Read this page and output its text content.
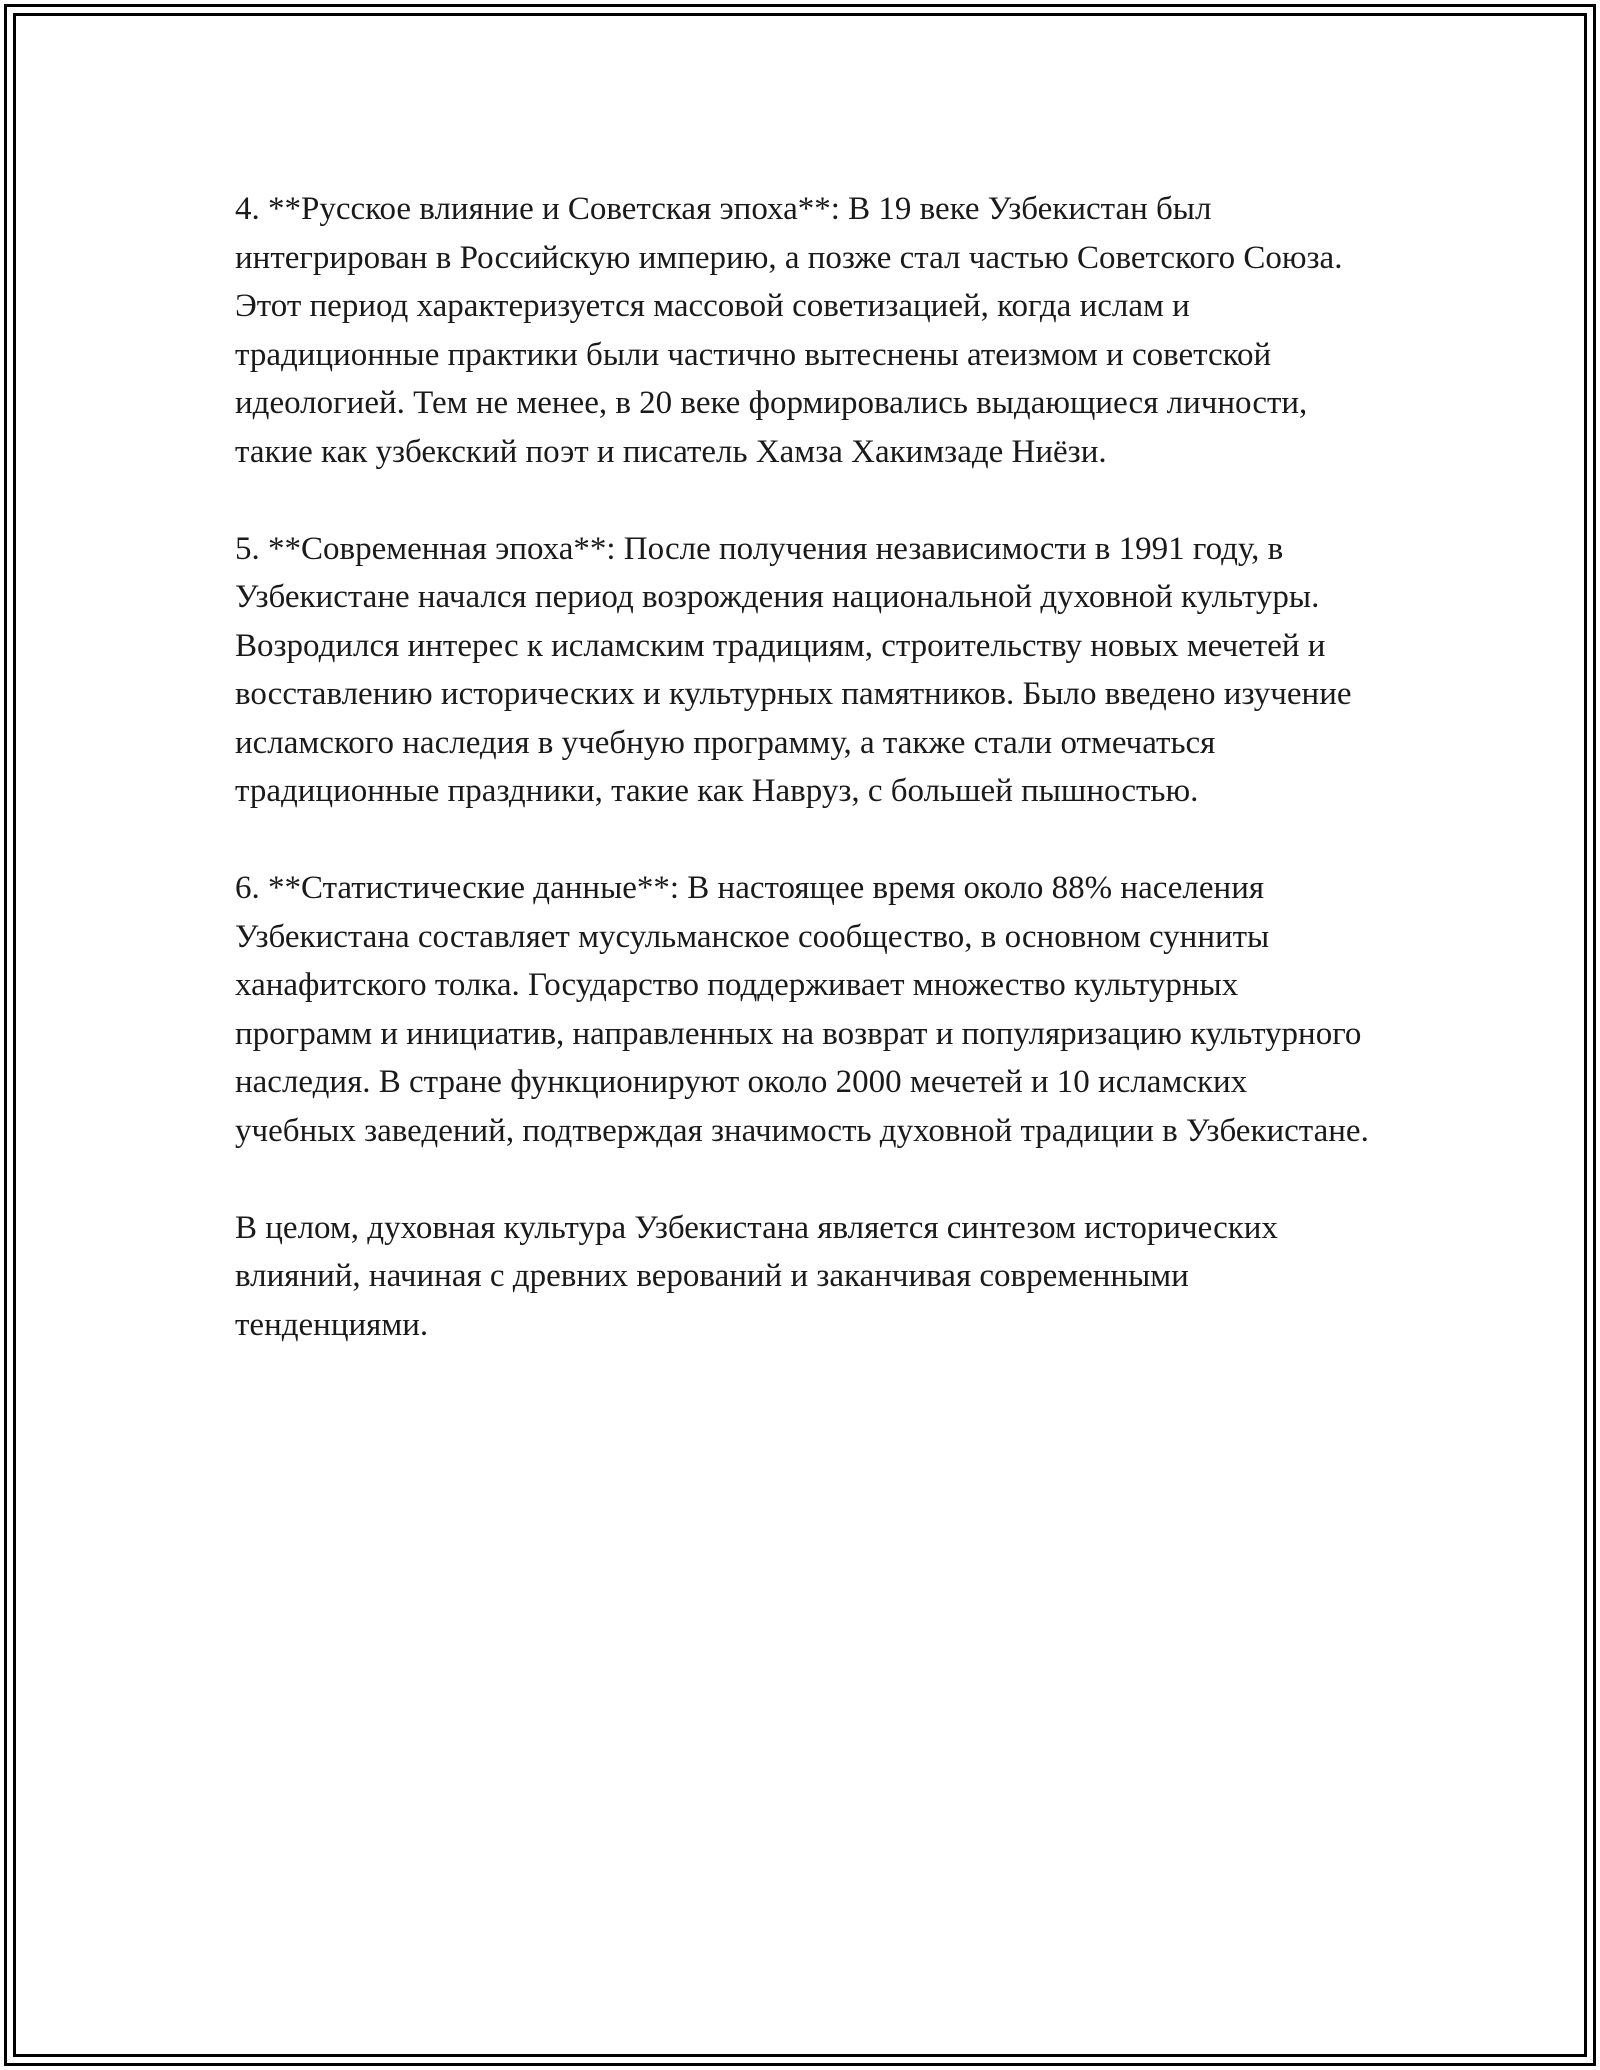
4. **Русское влияние и Советская эпоха**: В 19 веке Узбекистан был интегрирован в Российскую империю, а позже стал частью Советского Союза. Этот период характеризуется массовой советизацией, когда ислам и традиционные практики были частично вытеснены атеизмом и советской идеологией. Тем не менее, в 20 веке формировались выдающиеся личности, такие как узбекский поэт и писатель Хамза Хакимзаде Ниёзи.

5. **Современная эпоха**: После получения независимости в 1991 году, в Узбекистане начался период возрождения национальной духовной культуры. Возродился интерес к исламским традициям, строительству новых мечетей и восставлению исторических и культурных памятников. Было введено изучение исламского наследия в учебную программу, а также стали отмечаться традиционные праздники, такие как Навруз, с большей пышностью.

6. **Статистические данные**: В настоящее время около 88% населения Узбекистана составляет мусульманское сообщество, в основном сунниты ханафитского толка. Государство поддерживает множество культурных программ и инициатив, направленных на возврат и популяризацию культурного наследия. В стране функционируют около 2000 мечетей и 10 исламских учебных заведений, подтверждая значимость духовной традиции в Узбекистане.

В целом, духовная культура Узбекистана является синтезом исторических влияний, начиная с древних верований и заканчивая современными тенденциями.
